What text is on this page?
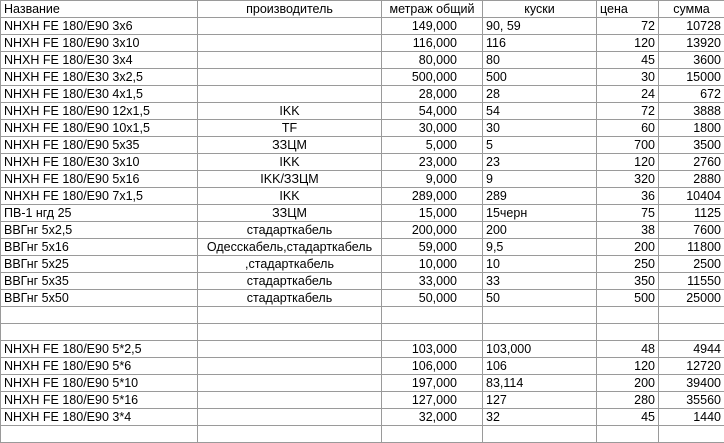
Название	производитель	метраж общий	куски	цена	сумма
NHXH FE 180/E90 3x6		149,000	90, 59	72	10728
NHXH FE 180/E90 3x10		116,000	116	120	13920
NHXH FE 180/E30 3x4		80,000	80	45	3600
NHXH FE 180/E30 3x2,5		500,000	500	30	15000
NHXH FE 180/E30 4x1,5		28,000	28	24	672
NHXH FE 180/E90 12x1,5	IKK	54,000	54	72	3888
NHXH FE 180/E90 10x1,5	TF	30,000	30	60	1800
NHXH FE 180/E90 5x35	ЗЗЦМ	5,000	5	700	3500
NHXH FE 180/E30 3x10	IKK	23,000	23	120	2760
NHXH FE 180/E90 5x16	IKK/ЗЗЦМ	9,000	9	320	2880
NHXH FE 180/E90 7x1,5	IKK	289,000	289	36	10404
ПВ-1 нгд 25	ЗЗЦМ	15,000	15черн	75	1125
ВВГнг 5x2,5	стадарткабель	200,000	200	38	7600
ВВГнг 5x16	Одесскабель,стадарткабель	59,000	9,5	200	11800
ВВГнг 5x25	,стадарткабель	10,000	10	250	2500
ВВГнг 5x35	стадарткабель	33,000	33	350	11550
ВВГнг 5x50	стадарткабель	50,000	50	500	25000

NHXH FE 180/E90 5*2,5		103,000	103,000	48	4944
NHXH FE 180/E90 5*6		106,000	106	120	12720
NHXH FE 180/E90 5*10		197,000	83,114	200	39400
NHXH FE 180/E90 5*16		127,000	127	280	35560
NHXH FE 180/E90 3*4		32,000	32	45	1440
